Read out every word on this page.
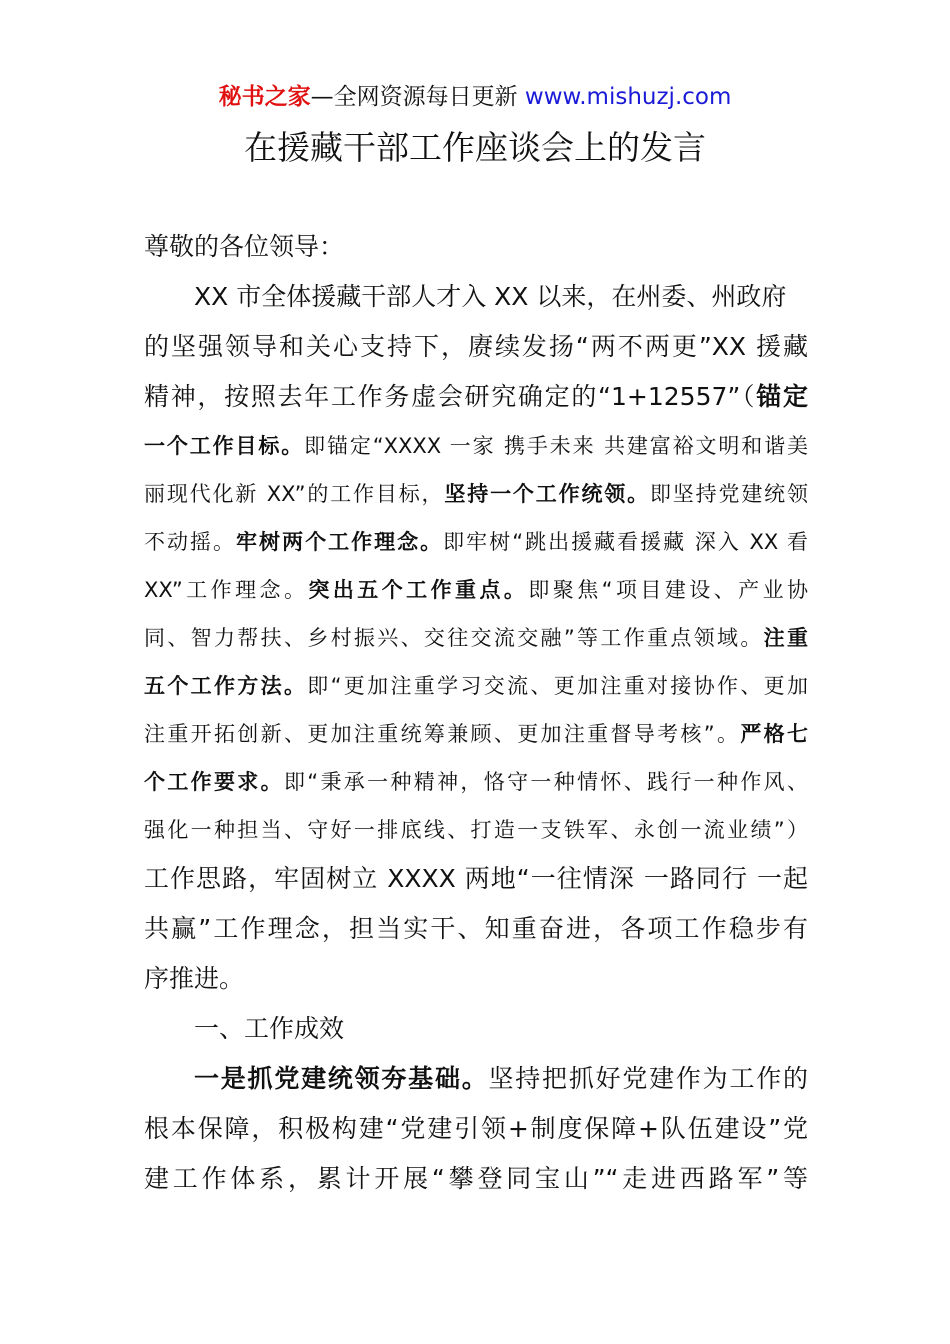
秘书之家—全网资源每日更新 www.mishuzj.com
在援藏干部工作座谈会上的发言
尊敬的各位领导：
XX 市全体援藏干部人才入 XX 以来，在州委、州政府
的坚强领导和关心支持下，赓续发扬“两不两更”XX 援藏
精神，按照去年工作务虚会研究确定的“1+12557”（锚定
一个工作目标。即锚定“XXXX 一家 携手未来 共建富裕文明和谐美
丽现代化新 XX”的工作目标，坚持一个工作统领。即坚持党建统领
不动摇。牢树两个工作理念。即牢树“跳出援藏看援藏 深入 XX 看
XX”工作理念。突出五个工作重点。即聚焦“项目建设、产业协
同、智力帮扶、乡村振兴、交往交流交融”等工作重点领域。注重
五个工作方法。即“更加注重学习交流、更加注重对接协作、更加
注重开拓创新、更加注重统筹兼顾、更加注重督导考核”。严格七
个工作要求。即“秉承一种精神，恪守一种情怀、践行一种作风、
强化一种担当、守好一排底线、打造一支铁军、永创一流业绩”）
工作思路，牢固树立 XXXX 两地“一往情深 一路同行 一起
共赢”工作理念，担当实干、知重奋进，各项工作稳步有
序推进。
一、工作成效
一是抓党建统领夯基础。坚持把抓好党建作为工作的
根本保障，积极构建“党建引领+制度保障+队伍建设”党
建工作体系，累计开展“攀登同宝山”“走进西路军”等
